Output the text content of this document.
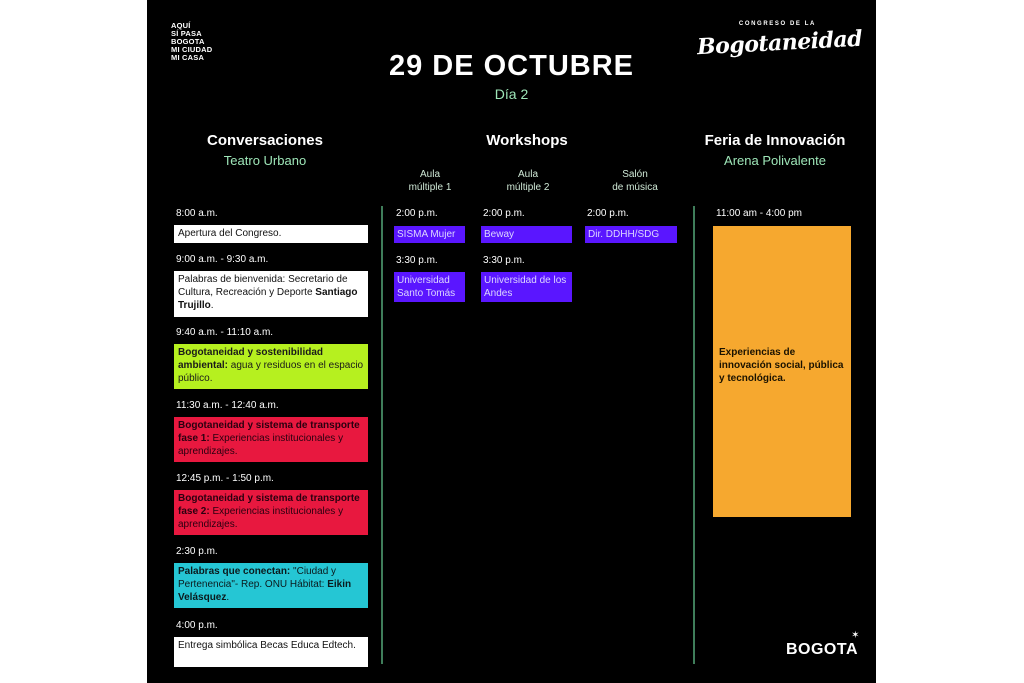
AQUÍ
SÍ PASA
BOGOTA
MI CIUDAD
MI CASA
CONGRESO DE LA
Bogotaneidad
29 DE OCTUBRE
Día 2
Conversaciones
Teatro Urbano
Workshops	Feria de Innovación
Arena Polivalente
Aula
múltiple 1
Aula
múltiple 2
Salón
de música
8:00 a.m.
Apertura del Congreso.
9:00 a.m. - 9:30 a.m.
Palabras de bienvenida: Secretario de Cultura, Recreación y Deporte Santiago Trujillo.
9:40 a.m. - 11:10 a.m.
Bogotaneidad y sostenibilidad ambiental: agua y residuos en el espacio público.
11:30 a.m. - 12:40 a.m.
Bogotaneidad y sistema de transporte fase 1: Experiencias institucionales y aprendizajes.
12:45 p.m. - 1:50 p.m.
Bogotaneidad y sistema de transporte fase 2: Experiencias institucionales y aprendizajes.
2:30 p.m.
Palabras que conectan: "Ciudad y Pertenencia"- Rep. ONU Hábitat: Eikin Velásquez.
4:00 p.m.
Entrega simbólica Becas Educa Edtech.
2:00 p.m.
SISMA Mujer
3:30 p.m.
Universidad Santo Tomás
2:00 p.m.
Beway
3:30 p.m.
Universidad de los Andes
2:00 p.m.
Dir. DDHH/SDG
11:00 am - 4:00 pm
Experiencias de innovación social, pública y tecnológica.
BOGOTA
✶
